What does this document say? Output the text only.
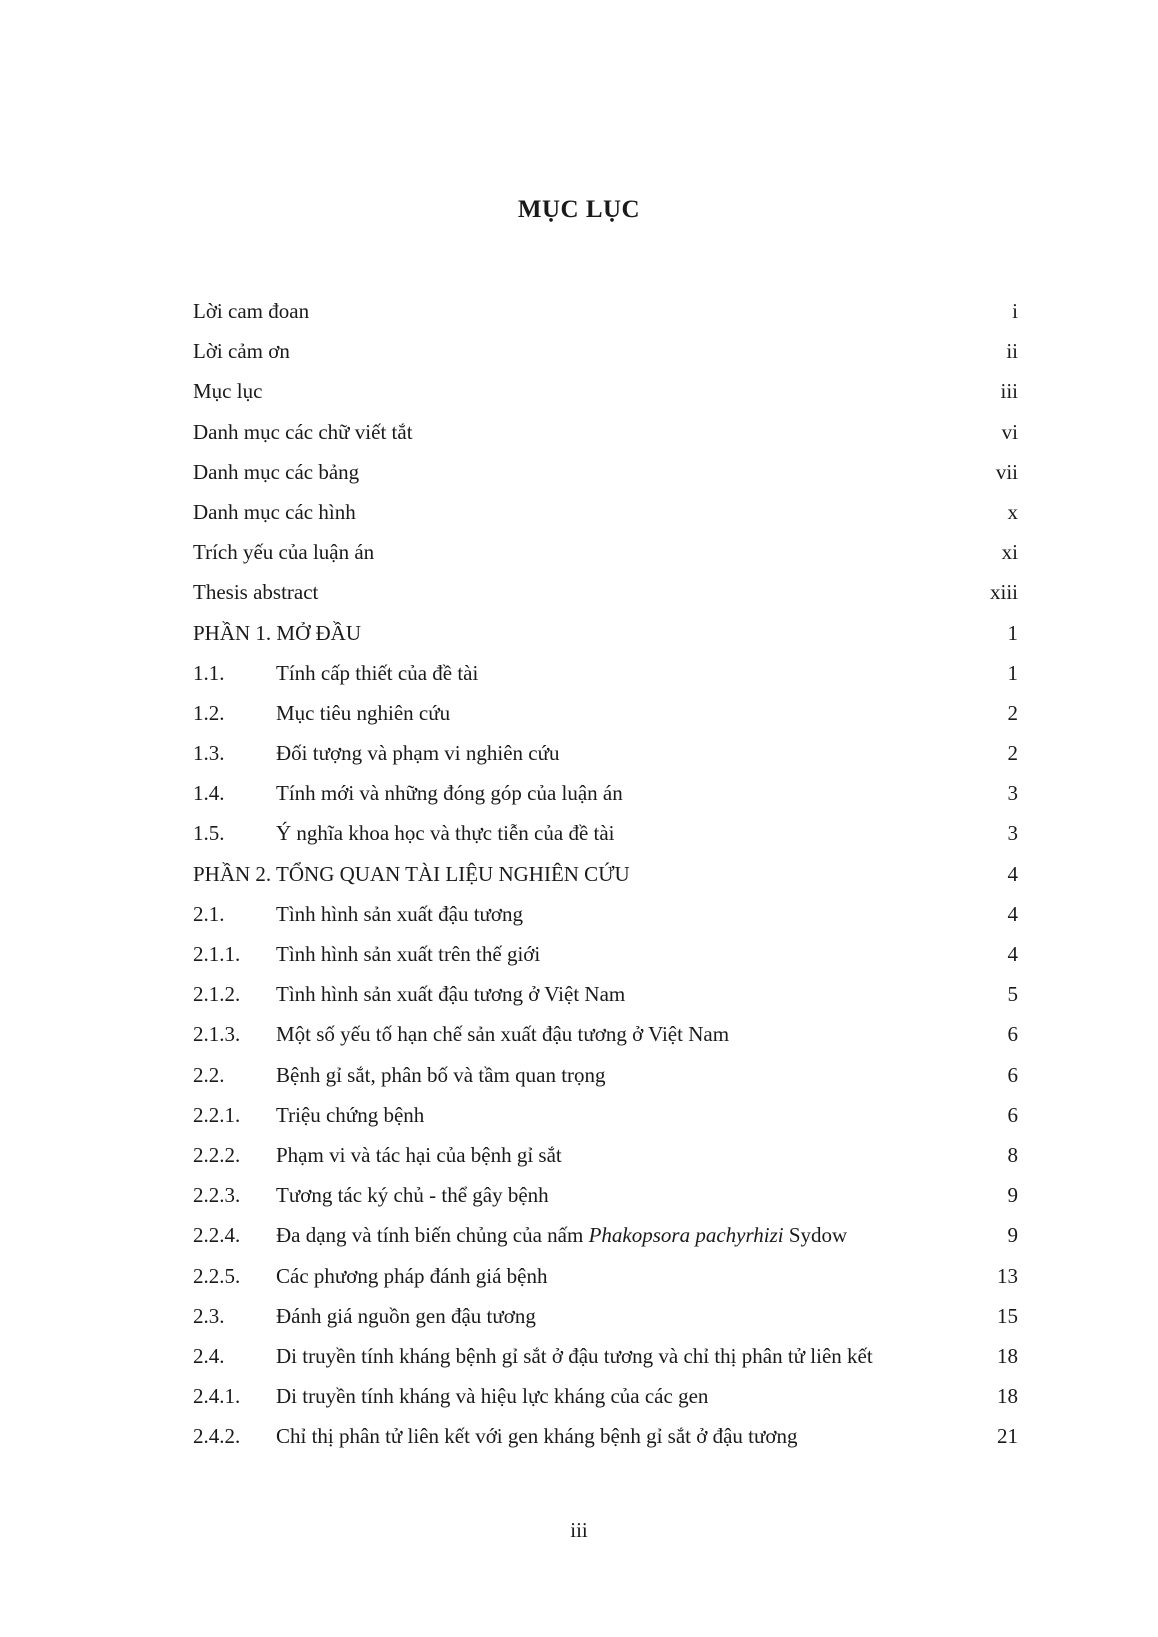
MỤC LỤC
Lời cam đoan	i
Lời cảm ơn	ii
Mục lục	iii
Danh mục các chữ viết tắt	vi
Danh mục các bảng	vii
Danh mục các hình	x
Trích yếu của luận án	xi
Thesis abstract	xiii
PHẦN 1. MỞ ĐẦU	1
1.1. Tính cấp thiết của đề tài	1
1.2. Mục tiêu nghiên cứu	2
1.3. Đối tượng và phạm vi nghiên cứu	2
1.4. Tính mới và những đóng góp của luận án	3
1.5. Ý nghĩa khoa học và thực tiễn của đề tài	3
PHẦN 2. TỔNG QUAN TÀI LIỆU NGHIÊN CỨU	4
2.1. Tình hình sản xuất đậu tương	4
2.1.1. Tình hình sản xuất trên thế giới	4
2.1.2. Tình hình sản xuất đậu tương ở Việt Nam	5
2.1.3. Một số yếu tố hạn chế sản xuất đậu tương ở Việt Nam	6
2.2. Bệnh gỉ sắt, phân bố và tầm quan trọng	6
2.2.1. Triệu chứng bệnh	6
2.2.2. Phạm vi và tác hại của bệnh gỉ sắt	8
2.2.3. Tương tác ký chủ - thể gây bệnh	9
2.2.4. Đa dạng và tính biến chủng của nấm Phakopsora pachyrhizi Sydow	9
2.2.5. Các phương pháp đánh giá bệnh	13
2.3. Đánh giá nguồn gen đậu tương	15
2.4. Di truyền tính kháng bệnh gỉ sắt ở đậu tương và chỉ thị phân tử liên kết	18
2.4.1. Di truyền tính kháng và hiệu lực kháng của các gen	18
2.4.2. Chỉ thị phân tử liên kết với gen kháng bệnh gỉ sắt ở đậu tương	21
iii
